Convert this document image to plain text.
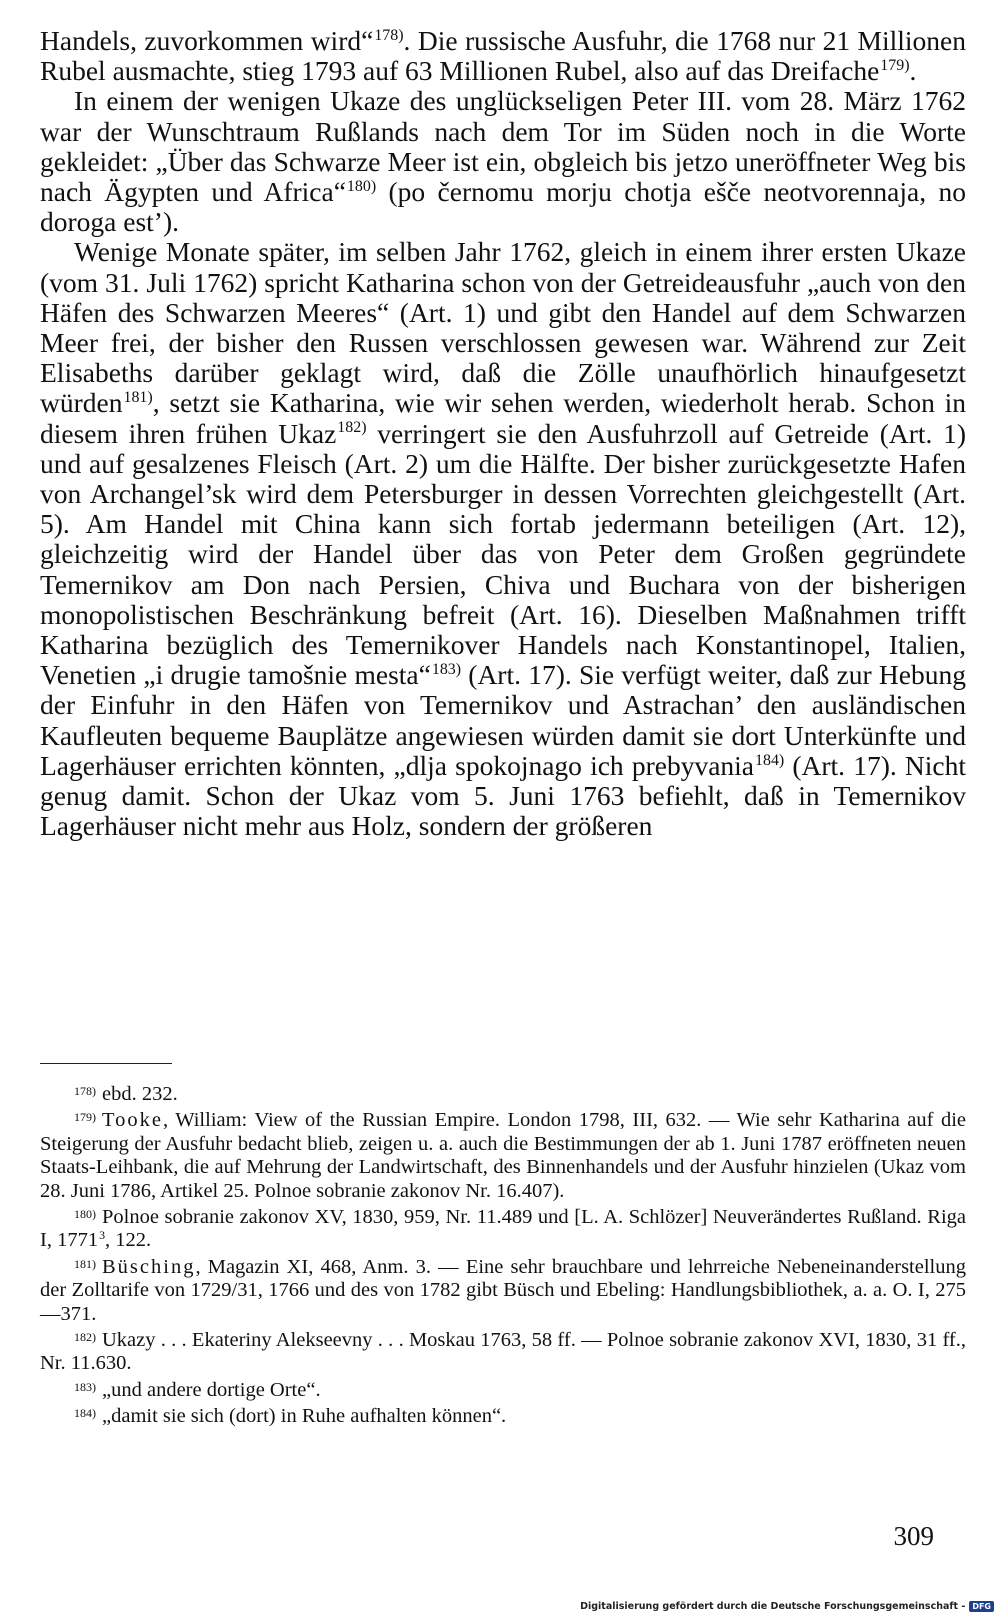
Handels, zuvorkommen wird“$^{178)}$. Die russische Ausfuhr, die 1768 nur 21 Millionen Rubel ausmachte, stieg 1793 auf 63 Millionen Rubel, also auf das Dreifache$^{179)}$.

In einem der wenigen Ukaze des unglückseligen Peter III. vom 28. März 1762 war der Wunschtraum Rußlands nach dem Tor im Süden noch in die Worte gekleidet: „Über das Schwarze Meer ist ein, obgleich bis jetzo uneröffneter Weg bis nach Ägypten und Africa“$^{180)}$ (po černomu morju chotja ešče neotvorennaja, no doroga est’).

Wenige Monate später, im selben Jahr 1762, gleich in einem ihrer ersten Ukaze (vom 31. Juli 1762) spricht Katharina schon von der Getreideausfuhr „auch von den Häfen des Schwarzen Meeres“ (Art. 1) und gibt den Handel auf dem Schwarzen Meer frei, der bisher den Russen verschlossen gewesen war. Während zur Zeit Elisabeths darüber geklagt wird, daß die Zölle unaufhörlich hinaufgesetzt würden$^{181)}$, setzt sie Katharina, wie wir sehen werden, wiederholt herab. Schon in diesem ihren frühen Ukaz$^{182)}$ verringert sie den Ausfuhrzoll auf Getreide (Art. 1) und auf gesalzenes Fleisch (Art. 2) um die Hälfte. Der bisher zurückgesetzte Hafen von Archangel’sk wird dem Petersburger in dessen Vorrechten gleichgestellt (Art. 5). Am Handel mit China kann sich fortab jedermann beteiligen (Art. 12), gleichzeitig wird der Handel über das von Peter dem Großen gegründete Temernikov am Don nach Persien, Chiva und Buchara von der bisherigen monopolistischen Beschränkung befreit (Art. 16). Dieselben Maßnahmen trifft Katharina bezüglich des Temernikover Handels nach Konstantinopel, Italien, Venetien „i drugie tamošnie mesta“$^{183)}$ (Art. 17). Sie verfügt weiter, daß zur Hebung der Einfuhr in den Häfen von Temernikov und Astrachan’ den ausländischen Kaufleuten bequeme Bauplätze angewiesen würden damit sie dort Unterkünfte und Lagerhäuser errichten könnten, „dlja spokojnago ich prebyvania$^{184)}$ (Art. 17). Nicht genug damit. Schon der Ukaz vom 5. Juni 1763 befiehlt, daß in Temernikov Lagerhäuser nicht mehr aus Holz, sondern der größeren

178) ebd. 232.

179) Tooke, William: View of the Russian Empire. London 1798, III, 632. — Wie sehr Katharina auf die Steigerung der Ausfuhr bedacht blieb, zeigen u. a. auch die Bestimmungen der ab 1. Juni 1787 eröffneten neuen Staats-Leihbank, die auf Mehrung der Landwirtschaft, des Binnenhandels und der Ausfuhr hinzielen (Ukaz vom 28. Juni 1786, Artikel 25. Polnoe sobranie zakonov Nr. 16.407).

180) Polnoe sobranie zakonov XV, 1830, 959, Nr. 11.489 und [L. A. Schlözer] Neuverändertes Rußland. Riga I, 1771$^3$, 122.

181) Büsching, Magazin XI, 468, Anm. 3. — Eine sehr brauchbare und lehrreiche Nebeneinanderstellung der Zolltarife von 1729/31, 1766 und des von 1782 gibt Büsch und Ebeling: Handlungsbibliothek, a. a. O. I, 275—371.

182) Ukazy . . . Ekateriny Alekseevny . . . Moskau 1763, 58 ff. — Polnoe sobranie zakonov XVI, 1830, 31 ff., Nr. 11.630.

183) „und andere dortige Orte“.

184) „damit sie sich (dort) in Ruhe aufhalten können“.

309
Digitalisierung gefördert durch die Deutsche Forschungsgemeinschaft - DFG
